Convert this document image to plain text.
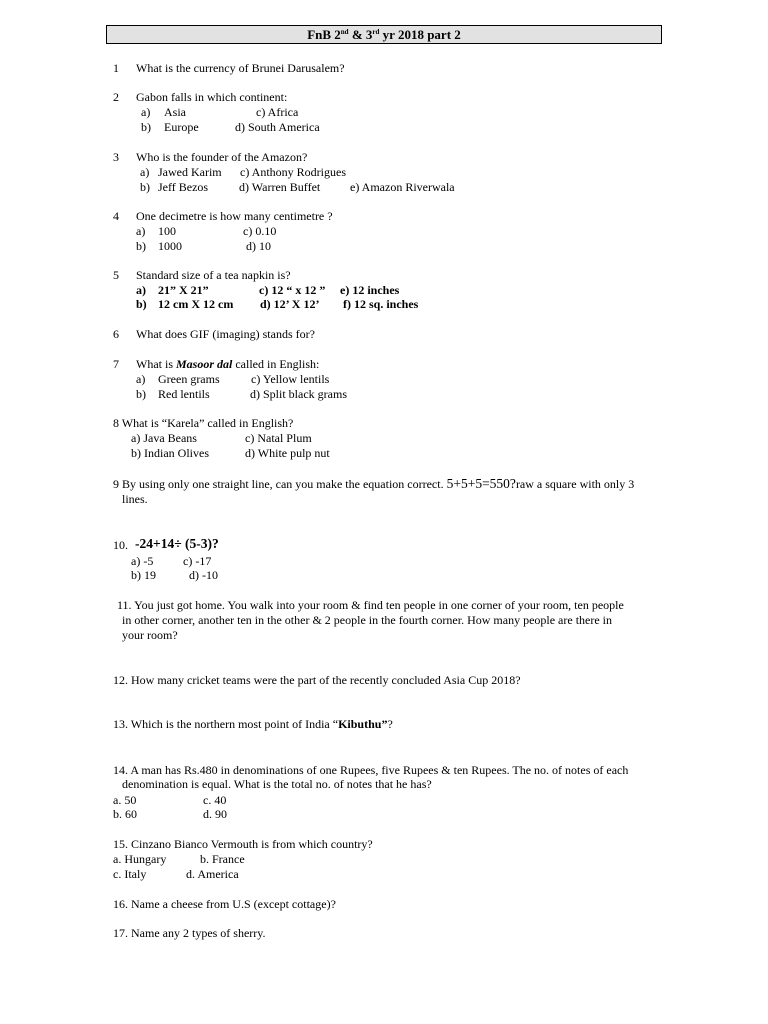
FnB 2nd & 3rd yr 2018 part 2
1 What is the currency of Brunei Darusalem?
2 Gabon falls in which continent:
a) Asia	c) Africa
b) Europe	d) South America
3 Who is the founder of the Amazon?
a) Jawed Karim c) Anthony Rodrigues
b) Jeff Bezos	d) Warren Buffet e) Amazon Riverwala
4 One decimetre is how many centimetre ?
a) 100	c) 0.10
b) 1000	d) 10
5 Standard size of a tea napkin is?
a) 21” X 21”	c) 12 “ x 12 ” e) 12 inches
b) 12 cm X 12 cm d) 12’ X 12’ f) 12 sq. inches
6 What does GIF (imaging) stands for?
7 What is Masoor dal called in English:
a) Green grams	c) Yellow lentils
b) Red lentils	d) Split black grams
8 What is “Karela” called in English?
a) Java Beans	c) Natal Plum
b) Indian Olives	d) White pulp nut
9 By using only one straight line, can you make the equation correct. 5+5+5=550?raw a square with only 3
lines.
10. -24+14÷ (5-3)?
a) -5 c) -17
b) 19	d) -10
11. You just got home. You walk into your room & find ten people in one corner of your room, ten people
in other corner, another ten in the other & 2 people in the fourth corner. How many people are there in
your room?
12. How many cricket teams were the part of the recently concluded Asia Cup 2018?
13. Which is the northern most point of India “Kibuthu”?
14. A man has Rs.480 in denominations of one Rupees, five Rupees & ten Rupees. The no. of notes of each
denomination is equal. What is the total no. of notes that he has?
a. 50	c. 40
b. 60	d. 90
15. Cinzano Bianco Vermouth is from which country?
a. Hungary	b. France
c. Italy	d. America
16. Name a cheese from U.S (except cottage)?
17. Name any 2 types of sherry.
